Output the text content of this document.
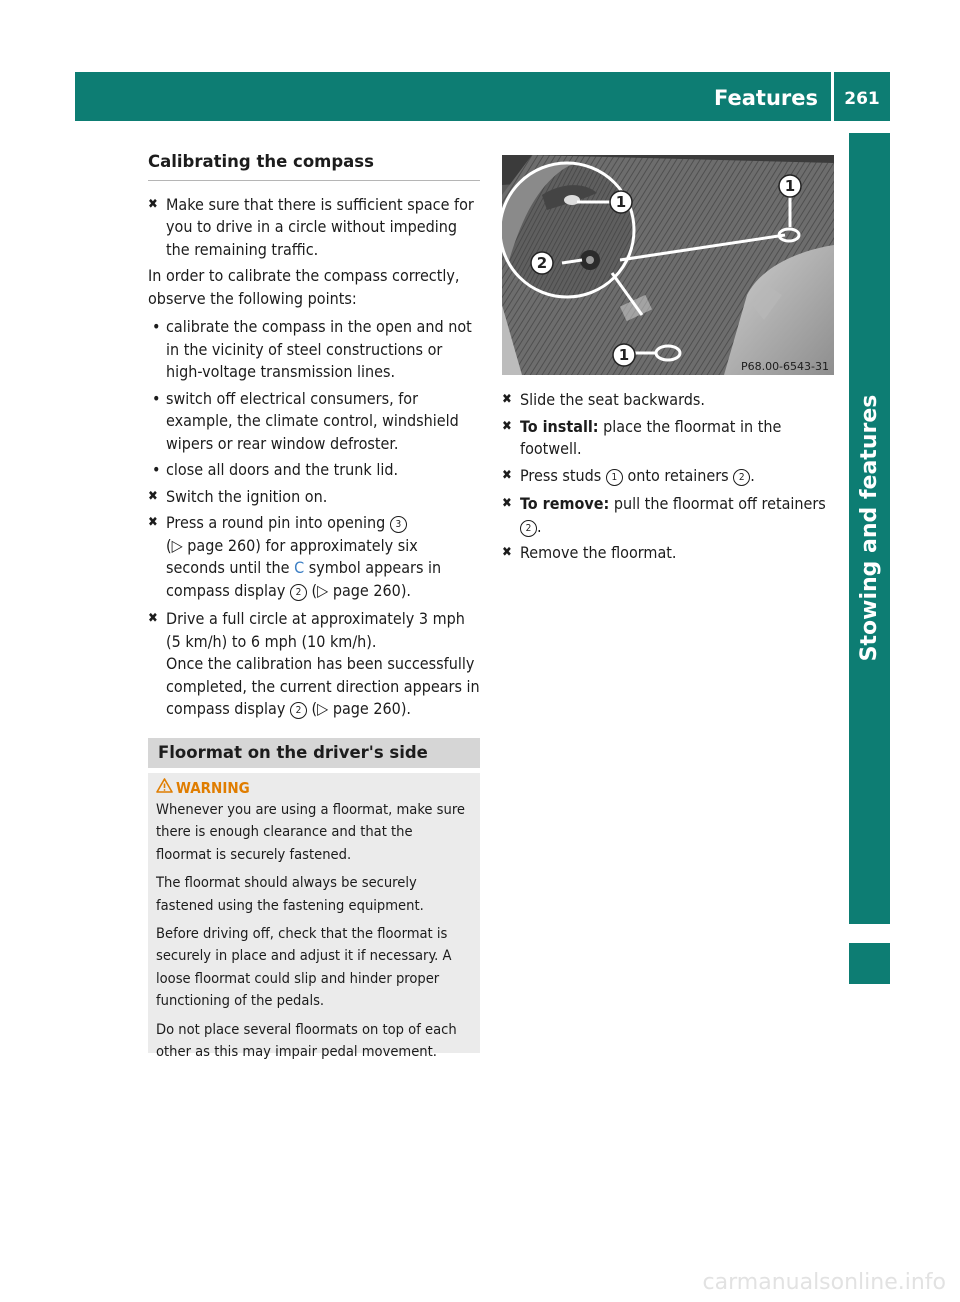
Features	261
Stowing and features
Calibrating the compass

✖ Make sure that there is sufficient space for you to drive in a circle without impeding the remaining traffic.

In order to calibrate the compass correctly, observe the following points:

• calibrate the compass in the open and not in the vicinity of steel constructions or high-voltage transmission lines.

• switch off electrical consumers, for example, the climate control, windshield wipers or rear window defroster.

• close all doors and the trunk lid.

✖ Switch the ignition on.

✖ Press a round pin into opening 3
(▷ page 260) for approximately six seconds until the C symbol appears in compass display 2 (▷ page 260).

✖ Drive a full circle at approximately 3 mph (5 km/h) to 6 mph (10 km/h).
Once the calibration has been successfully completed, the current direction appears in compass display 2 (▷ page 260).

Floormat on the driver's side
WARNING

Whenever you are using a floormat, make sure there is enough clearance and that the floormat is securely fastened.

The floormat should always be securely fastened using the fastening equipment.

Before driving off, check that the floormat is securely in place and adjust it if necessary. A loose floormat could slip and hinder proper functioning of the pedals.

Do not place several floormats on top of each other as this may impair pedal movement.

1
1
2
1
P68.00-6543-31

✖ Slide the seat backwards.

✖ To install: place the floormat in the footwell.

✖ Press studs 1 onto retainers 2 .

✖ To remove: pull the floormat off retainers 2 .

✖ Remove the floormat.

carmanualsonline.info
